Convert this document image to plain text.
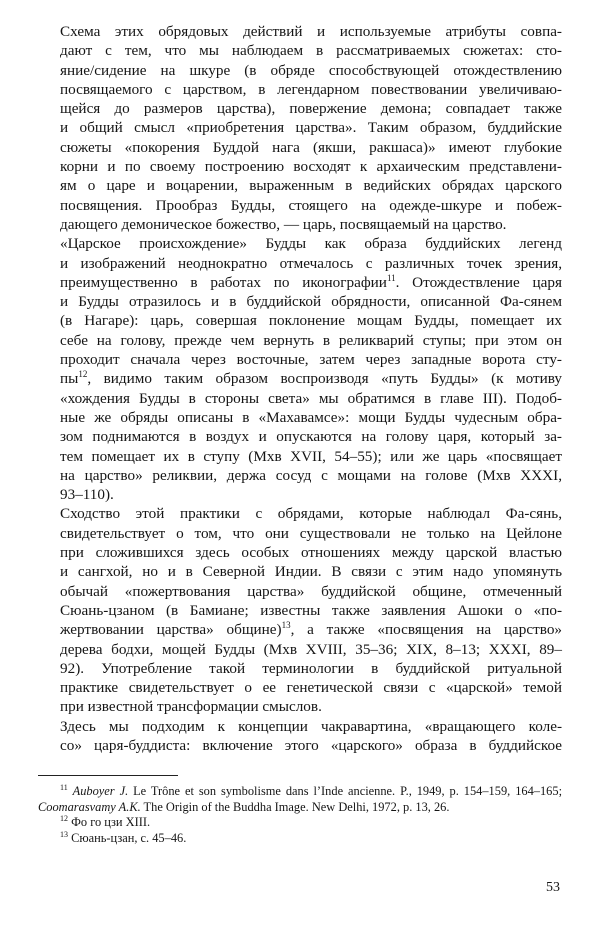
Схема этих обрядовых действий и используемые атрибуты совпа-
дают с тем, что мы наблюдаем в рассматриваемых сюжетах: сто-
яние/сидение на шкуре (в обряде способствующей отождествлению
посвящаемого с царством, в легендарном повествовании увеличиваю-
щейся до размеров царства), повержение демона; совпадает также
и общий смысл «приобретения царства». Таким образом, буддийские
сюжеты «покорения Буддой нага (якши, ракшаса)» имеют глубокие
корни и по своему построению восходят к архаическим представлени-
ям о царе и воцарении, выраженным в ведийских обрядах царского
посвящения. Прообраз Будды, стоящего на одежде-шкуре и побеж-
дающего демоническое божество, — царь, посвящаемый на царство.

«Царское происхождение» Будды как образа буддийских легенд
и изображений неоднократно отмечалось с различных точек зрения,
преимущественно в работах по иконографии$^{11}$. Отождествление царя
и Будды отразилось и в буддийской обрядности, описанной Фа-сянем
(в Нагаре): царь, совершая поклонение мощам Будды, помещает их
себе на голову, прежде чем вернуть в реликварий ступы; при этом он
проходит сначала через восточные, затем через западные ворота сту-
пы$^{12}$, видимо таким образом воспроизводя «путь Будды» (к мотиву
«хождения Будды в стороны света» мы обратимся в главе III). Подоб-
ные же обряды описаны в «Махавамсе»: мощи Будды чудесным обра-
зом поднимаются в воздух и опускаются на голову царя, который за-
тем помещает их в ступу (Мхв XVII, 54–55); или же царь «посвящает
на царство» реликвии, держа сосуд с мощами на голове (Мхв XXXI,
93–110).

Сходство этой практики с обрядами, которые наблюдал Фа-сянь,
свидетельствует о том, что они существовали не только на Цейлоне
при сложившихся здесь особых отношениях между царской властью
и сангхой, но и в Северной Индии. В связи с этим надо упомянуть
обычай «пожертвования царства» буддийской общине, отмеченный
Сюань-цзаном (в Бамиане; известны также заявления Ашоки о «по-
жертвовании царства» общине)$^{13}$, а также «посвящения на царство»
дерева бодхи, мощей Будды (Мхв XVIII, 35–36; XIX, 8–13; XXXI, 89–
92). Употребление такой терминологии в буддийской ритуальной
практике свидетельствует о ее генетической связи с «царской» темой
при известной трансформации смыслов.

Здесь мы подходим к концепции чакравартина, «вращающего коле-
со» царя-буддиста: включение этого «царского» образа в буддийское

$^{11}$ Auboyer J. Le Trône et son symbolisme dans l’Inde ancienne. P., 1949, p. 154–159, 164–165; Coomarasvamy A.K. The Origin of the Buddha Image. New Delhi, 1972, p. 13, 26.

$^{12}$ Фо го цзи XIII.

$^{13}$ Сюань-цзан, с. 45–46.

53
